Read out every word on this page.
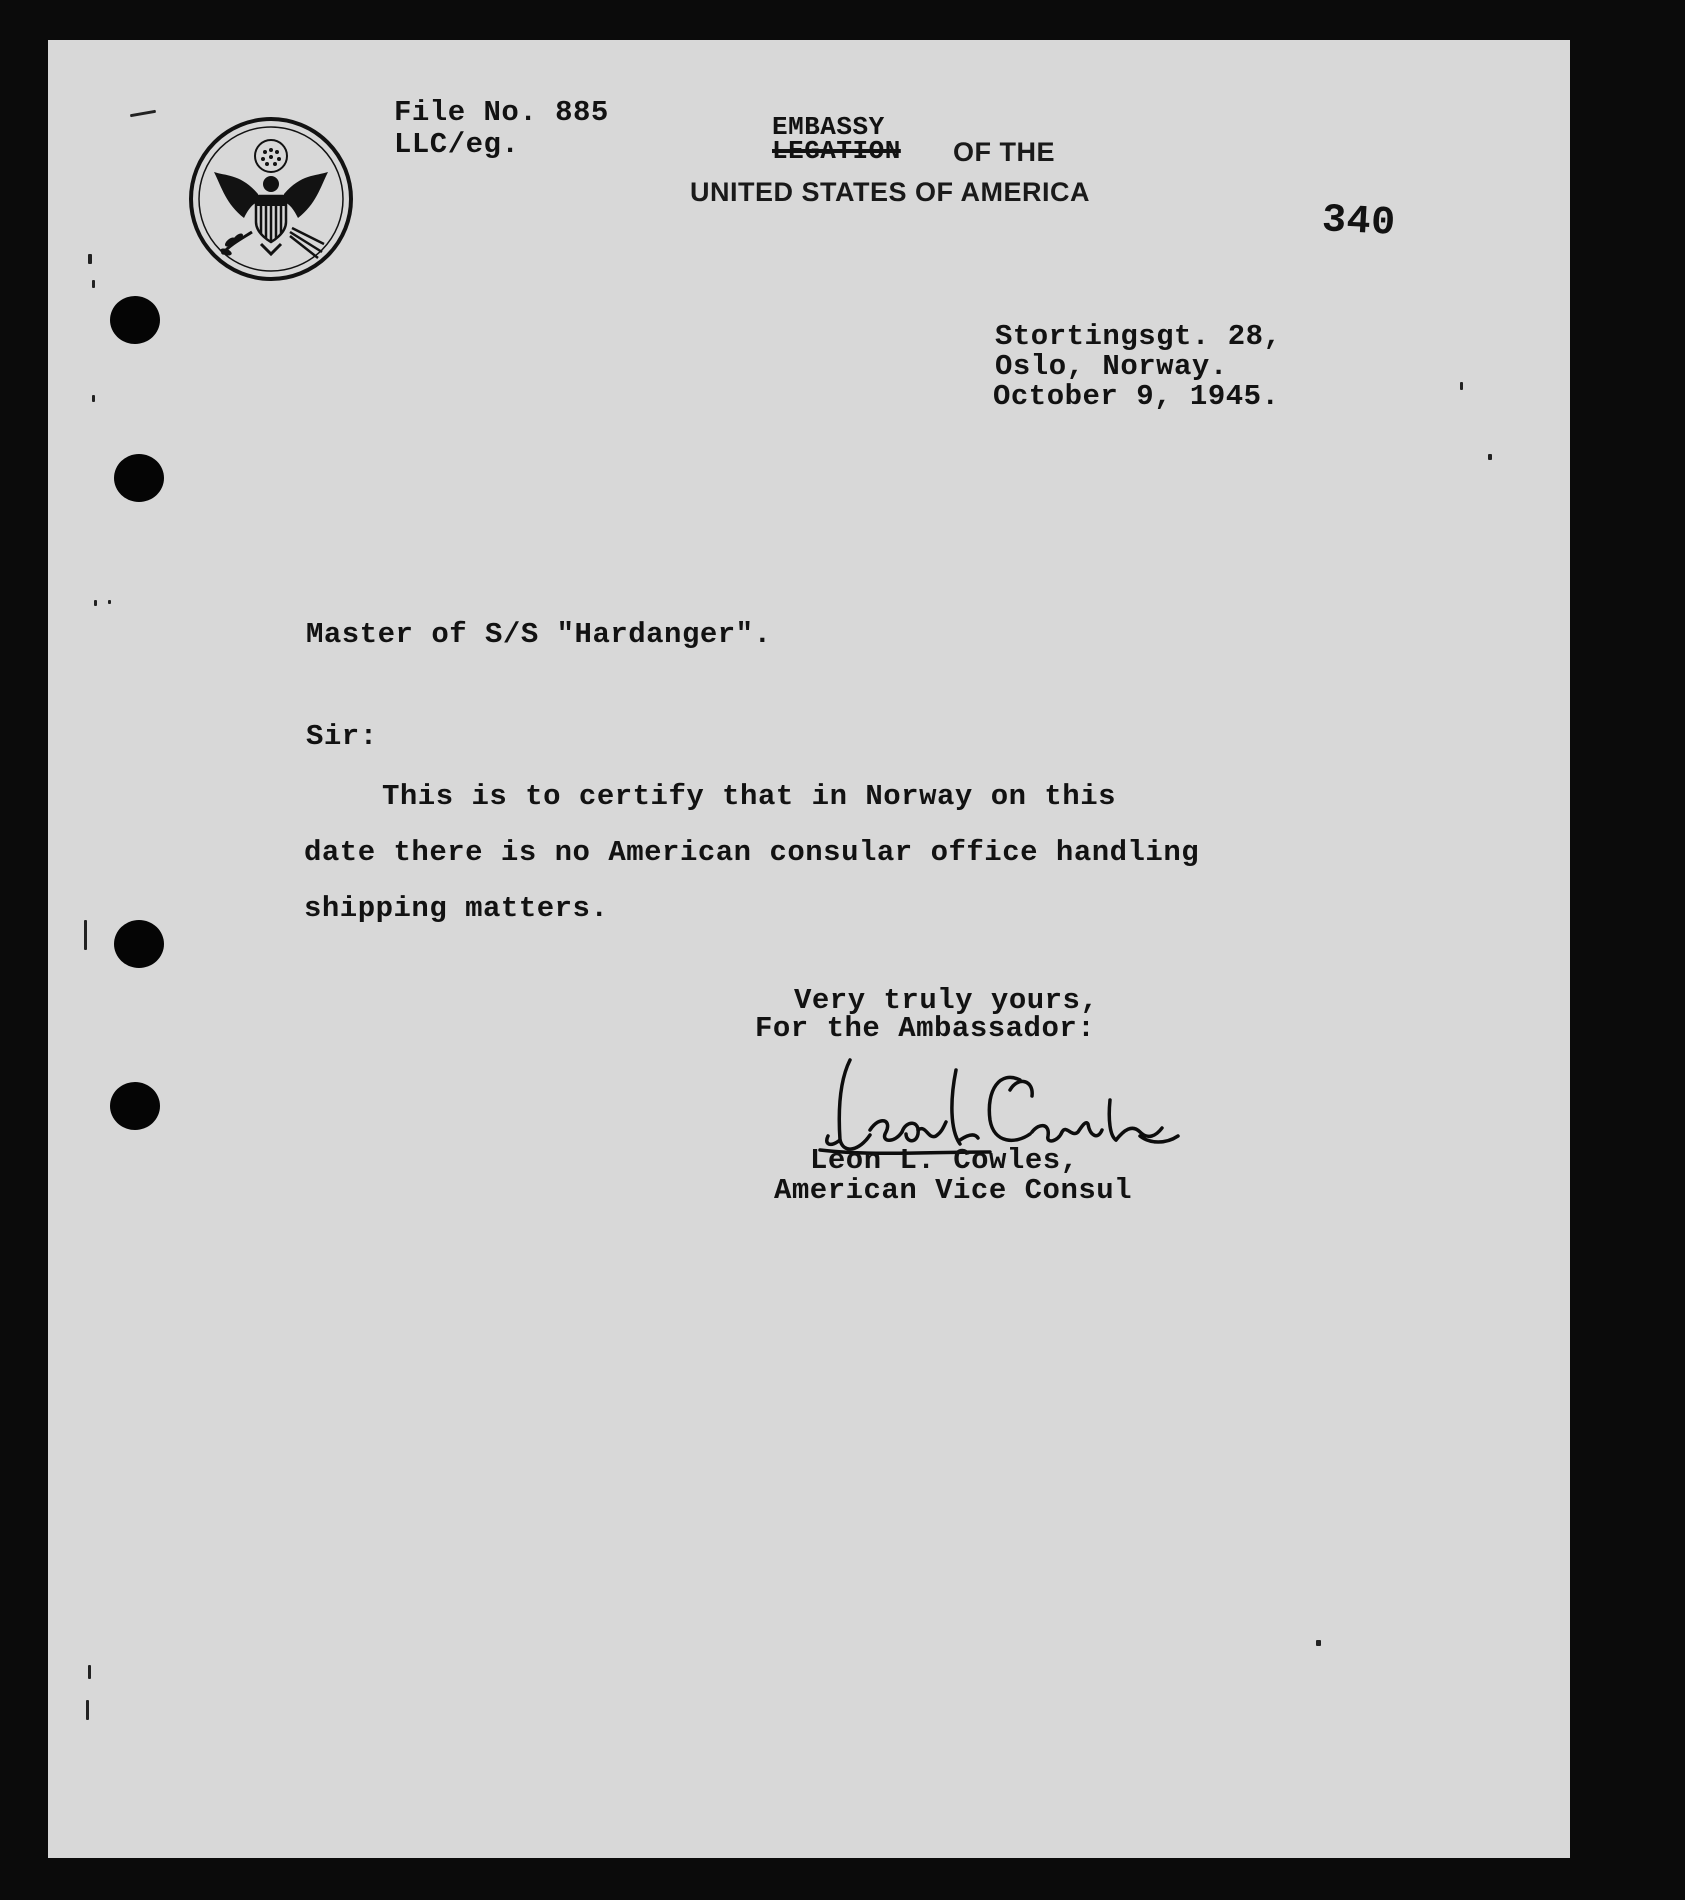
File No. 885
LLC/eg.
EMBASSY
LEGATION OF THE
UNITED STATES OF AMERICA
340
Stortingsgt. 28,
Oslo, Norway.
October 9, 1945.
Master of S/S "Hardanger".
Sir:
This is to certify that in Norway on this
date there is no American consular office handling
shipping matters.
Very truly yours,
For the Ambassador:
Leon L. Cowles,
American Vice Consul
